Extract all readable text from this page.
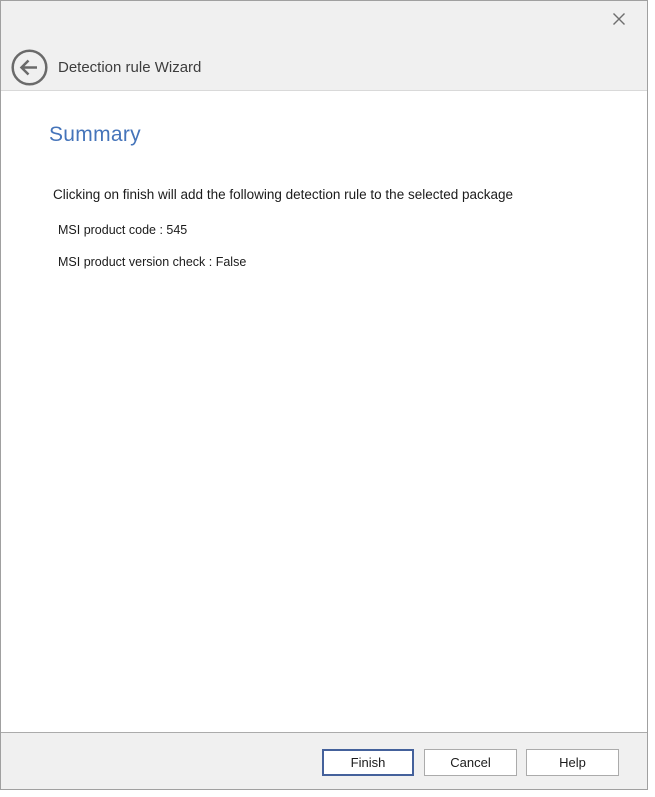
Detection rule Wizard
Summary
Clicking on finish will add the following detection rule to the selected package
MSI product code : 545
MSI product version check : False
Finish	Cancel	Help
